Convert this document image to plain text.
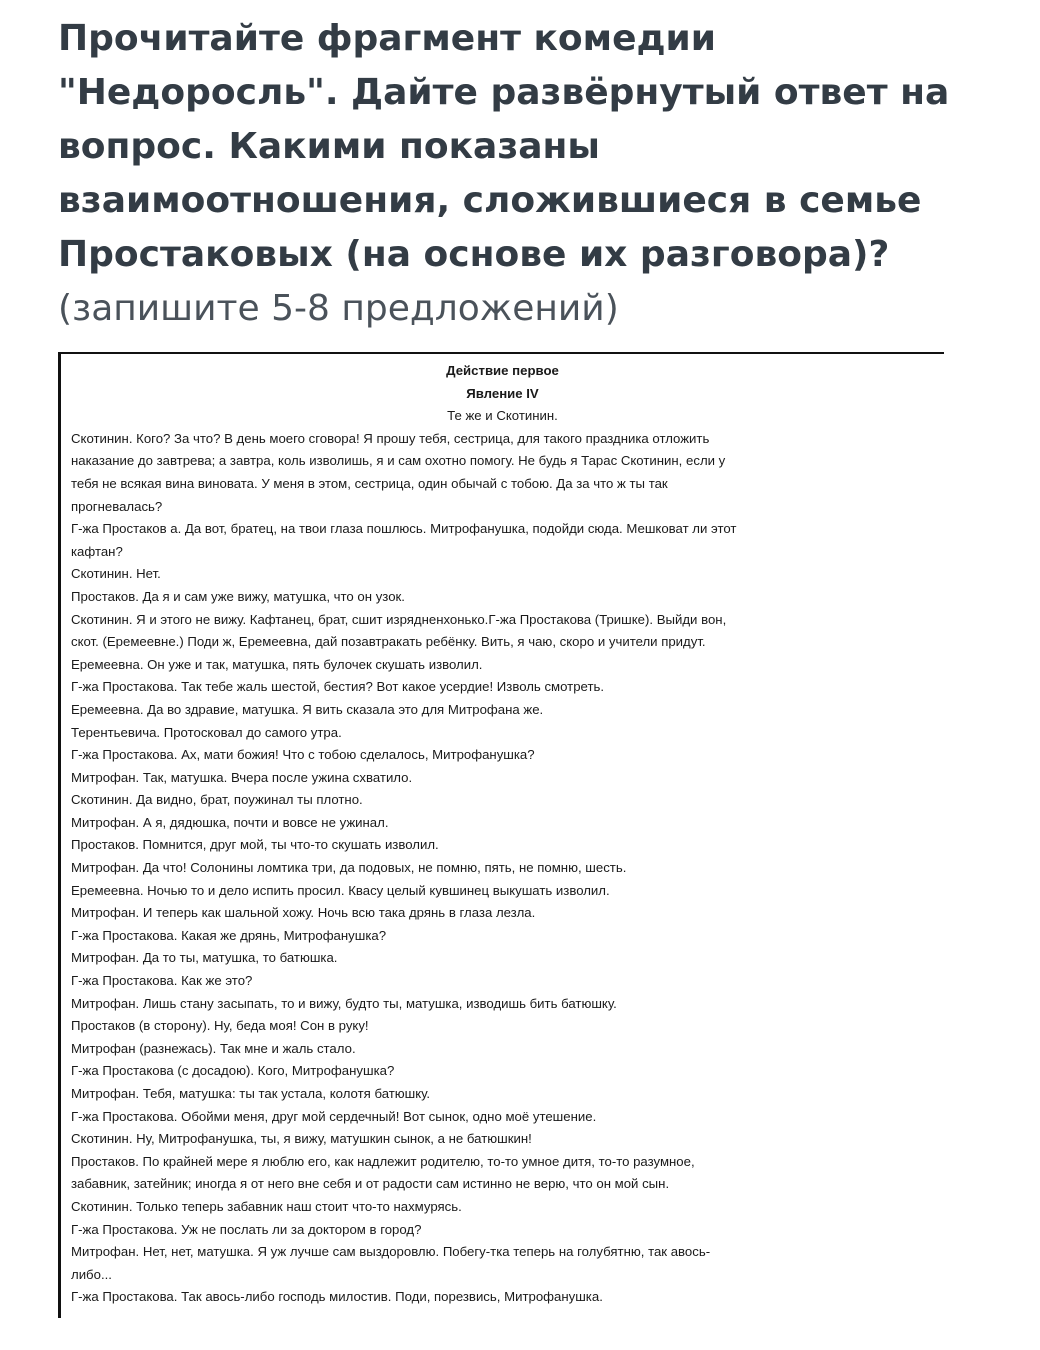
Прочитайте фрагмент комедии "Недоросль". Дайте развёрнутый ответ на вопрос. Какими показаны взаимоотношения, сложившиеся в семье Простаковых (на основе их разговора)? (запишите 5-8 предложений)
Действие первое
Явление IV
Те же и Скотинин.
Скотинин. Кого? За что? В день моего сговора! Я прошу тебя, сестрица, для такого праздника отложить
наказание до завтрева; а завтра, коль изволишь, я и сам охотно помогу. Не будь я Тарас Скотинин, если у
тебя не всякая вина виновата. У меня в этом, сестрица, один обычай с тобою. Да за что ж ты так
прогневалась?
Г-жа Простаков а. Да вот, братец, на твои глаза пошлюсь. Митрофанушка, подойди сюда. Мешковат ли этот
кафтан?
Скотинин. Нет.
Простаков. Да я и сам уже вижу, матушка, что он узок.
Скотинин. Я и этого не вижу. Кафтанец, брат, сшит изрядненхонько.Г-жа Простакова (Тришке). Выйди вон,
скот. (Еремеевне.) Поди ж, Еремеевна, дай позавтракать ребёнку. Вить, я чаю, скоро и учители придут.
Еремеевна. Он уже и так, матушка, пять булочек скушать изволил.
Г-жа Простакова. Так тебе жаль шестой, бестия? Вот какое усердие! Изволь смотреть.
Еремеевна. Да во здравие, матушка. Я вить сказала это для Митрофана же.
Терентьевича. Протосковал до самого утра.
Г-жа Простакова. Ах, мати божия! Что с тобою сделалось, Митрофанушка?
Митрофан. Так, матушка. Вчера после ужина схватило.
Скотинин. Да видно, брат, поужинал ты плотно.
Митрофан. А я, дядюшка, почти и вовсе не ужинал.
Простаков. Помнится, друг мой, ты что-то скушать изволил.
Митрофан. Да что! Солонины ломтика три, да подовых, не помню, пять, не помню, шесть.
Еремеевна. Ночью то и дело испить просил. Квасу целый кувшинец выкушать изволил.
Митрофан. И теперь как шальной хожу. Ночь всю така дрянь в глаза лезла.
Г-жа Простакова. Какая же дрянь, Митрофанушка?
Митрофан. Да то ты, матушка, то батюшка.
Г-жа Простакова. Как же это?
Митрофан. Лишь стану засыпать, то и вижу, будто ты, матушка, изводишь бить батюшку.
Простаков (в сторону). Ну, беда моя! Сон в руку!
Митрофан (разнежась). Так мне и жаль стало.
Г-жа Простакова (с досадою). Кого, Митрофанушка?
Митрофан. Тебя, матушка: ты так устала, колотя батюшку.
Г-жа Простакова. Обойми меня, друг мой сердечный! Вот сынок, одно моё утешение.
Скотинин. Ну, Митрофанушка, ты, я вижу, матушкин сынок, а не батюшкин!
Простаков. По крайней мере я люблю его, как надлежит родителю, то-то умное дитя, то-то разумное,
забавник, затейник; иногда я от него вне себя и от радости сам истинно не верю, что он мой сын.
Скотинин. Только теперь забавник наш стоит что-то нахмурясь.
Г-жа Простакова. Уж не послать ли за доктором в город?
Митрофан. Нет, нет, матушка. Я уж лучше сам выздоровлю. Побегу-тка теперь на голубятню, так авось-
либо...
Г-жа Простакова. Так авось-либо господь милостив. Поди, порезвись, Митрофанушка.
